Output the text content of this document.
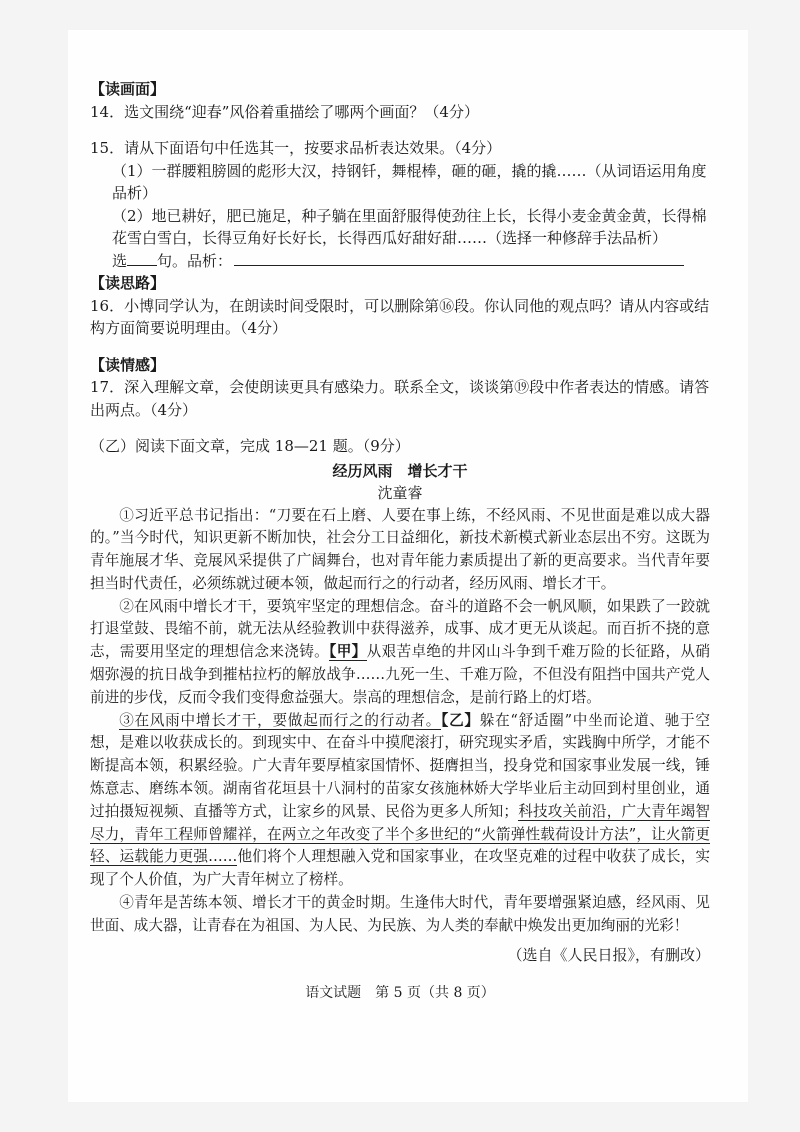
【读画面】
14．选文围绕“迎春”风俗着重描绘了哪两个画面？（4分）
15．请从下面语句中任选其一，按要求品析表达效果。（4分）
（1）一群腰粗膀圆的彪形大汉，持钢钎，舞棍棒，砸的砸，撬的撬……（从词语运用角度品析）
（2）地已耕好，肥已施足，种子躺在里面舒服得使劲往上长，长得小麦金黄金黄，长得棉花雪白雪白，长得豆角好长好长，长得西瓜好甜好甜……（选择一种修辞手法品析）
选 句。品析：
【读思路】
16．小博同学认为，在朗读时间受限时，可以删除第⑯段。你认同他的观点吗？请从内容或结构方面简要说明理由。（4分）
【读情感】
17．深入理解文章，会使朗读更具有感染力。联系全文，谈谈第⑲段中作者表达的情感。请答出两点。（4分）
（乙）阅读下面文章，完成 18—21 题。（9分）
经历风雨　增长才干
沈童睿
①习近平总书记指出：“刀要在石上磨、人要在事上练，不经风雨、不见世面是难以成大器的。”当今时代，知识更新不断加快，社会分工日益细化，新技术新模式新业态层出不穷。这既为青年施展才华、竞展风采提供了广阔舞台，也对青年能力素质提出了新的更高要求。当代青年要担当时代责任，必须练就过硬本领，做起而行之的行动者，经历风雨、增长才干。
②在风雨中增长才干，要筑牢坚定的理想信念。奋斗的道路不会一帆风顺，如果跌了一跤就打退堂鼓、畏缩不前，就无法从经验教训中获得滋养，成事、成才更无从谈起。而百折不挠的意志，需要用坚定的理想信念来浇铸。【甲】从艰苦卓绝的井冈山斗争到千难万险的长征路，从硝烟弥漫的抗日战争到摧枯拉朽的解放战争……九死一生、千难万险，不但没有阻挡中国共产党人前进的步伐，反而令我们变得愈益强大。崇高的理想信念，是前行路上的灯塔。
③在风雨中增长才干，要做起而行之的行动者。【乙】躲在“舒适圈”中坐而论道、驰于空想，是难以收获成长的。到现实中、在奋斗中摸爬滚打，研究现实矛盾，实践胸中所学，才能不断提高本领，积累经验。广大青年要厚植家国情怀、挺膺担当，投身党和国家事业发展一线，锤炼意志、磨练本领。湖南省花垣县十八洞村的苗家女孩施林娇大学毕业后主动回到村里创业，通过拍摄短视频、直播等方式，让家乡的风景、民俗为更多人所知；科技攻关前沿，广大青年竭智尽力，青年工程师曾耀祥，在两立之年改变了半个多世纪的“火箭弹性载荷设计方法”，让火箭更轻、运载能力更强……他们将个人理想融入党和国家事业，在攻坚克难的过程中收获了成长，实现了个人价值，为广大青年树立了榜样。
④青年是苦练本领、增长才干的黄金时期。生逢伟大时代，青年要增强紧迫感，经风雨、见世面、成大器，让青春在为祖国、为人民、为民族、为人类的奉献中焕发出更加绚丽的光彩！
（选自《人民日报》，有删改）
语文试题　第 5 页（共 8 页）
